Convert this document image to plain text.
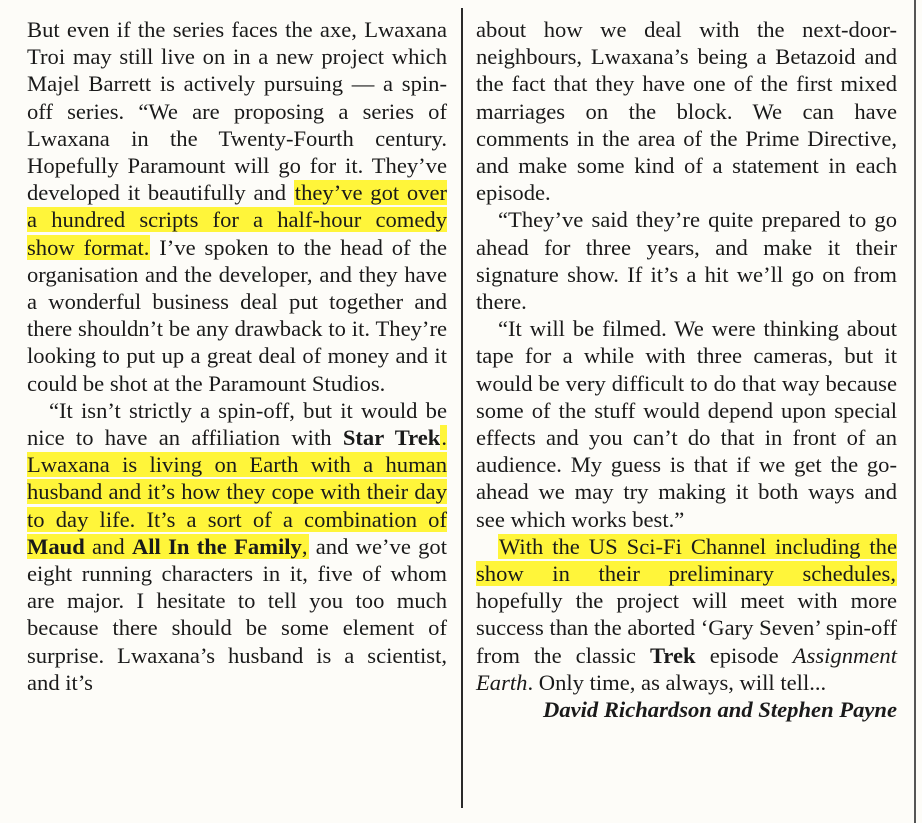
But even if the series faces the axe, Lwaxana Troi may still live on in a new project which Majel Barrett is actively pursuing — a spin-off series. “We are proposing a series of Lwaxana in the Twenty-Fourth century. Hopefully Paramount will go for it. They’ve developed it beautifully and they’ve got over a hundred scripts for a half-hour comedy show format. I’ve spoken to the head of the organisation and the developer, and they have a wonderful business deal put together and there shouldn’t be any drawback to it. They’re looking to put up a great deal of money and it could be shot at the Paramount Studios.

“It isn’t strictly a spin-off, but it would be nice to have an affiliation with Star Trek. Lwaxana is living on Earth with a human husband and it’s how they cope with their day to day life. It’s a sort of a combination of Maud and All In the Family, and we’ve got eight running characters in it, five of whom are major. I hesitate to tell you too much because there should be some element of surprise. Lwaxana’s husband is a scientist, and it’s

about how we deal with the next-door-neighbours, Lwaxana’s being a Betazoid and the fact that they have one of the first mixed marriages on the block. We can have comments in the area of the Prime Directive, and make some kind of a statement in each episode.

“They’ve said they’re quite prepared to go ahead for three years, and make it their signature show. If it’s a hit we’ll go on from there.

“It will be filmed. We were thinking about tape for a while with three cameras, but it would be very difficult to do that way because some of the stuff would depend upon special effects and you can’t do that in front of an audience. My guess is that if we get the go-ahead we may try making it both ways and see which works best.”

With the US Sci-Fi Channel including the show in their preliminary schedules, hopefully the project will meet with more success than the aborted ‘Gary Seven’ spin-off from the classic Trek episode Assignment Earth. Only time, as always, will tell...

David Richardson and Stephen Payne
